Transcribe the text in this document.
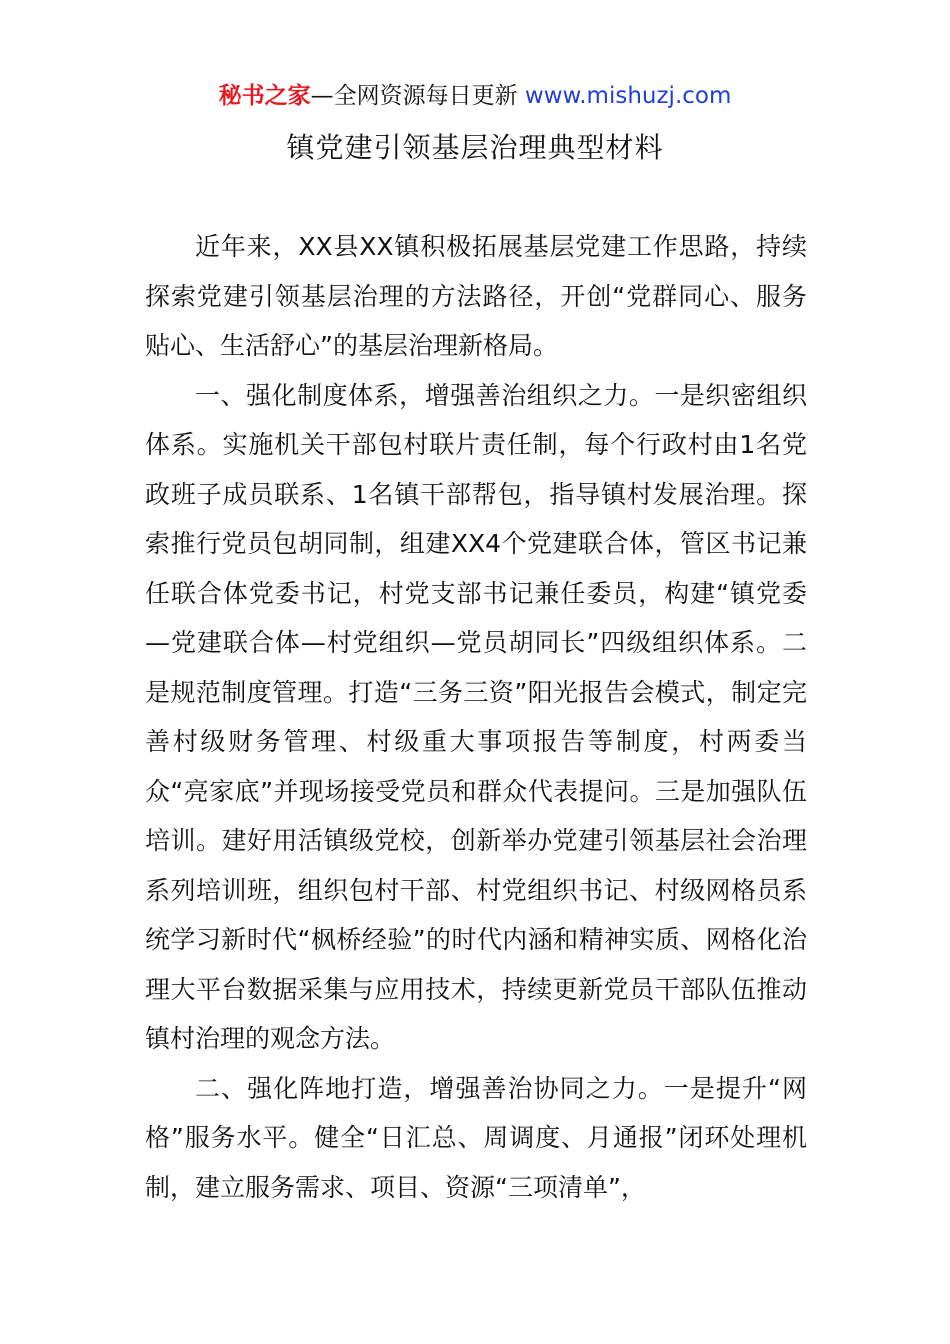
秘书之家—全网资源每日更新 www.mishuzj.com
镇党建引领基层治理典型材料

近年来，XX县XX镇积极拓展基层党建工作思路，持续探索党建引领基层治理的方法路径，开创“党群同心、服务贴心、生活舒心”的基层治理新格局。

一、强化制度体系，增强善治组织之力。一是织密组织体系。实施机关干部包村联片责任制，每个行政村由1名党政班子成员联系、1名镇干部帮包，指导镇村发展治理。探索推行党员包胡同制，组建XX4个党建联合体，管区书记兼任联合体党委书记，村党支部书记兼任委员，构建“镇党委—党建联合体—村党组织—党员胡同长”四级组织体系。二是规范制度管理。打造“三务三资”阳光报告会模式，制定完善村级财务管理、村级重大事项报告等制度，村两委当众“亮家底”并现场接受党员和群众代表提问。三是加强队伍培训。建好用活镇级党校，创新举办党建引领基层社会治理系列培训班，组织包村干部、村党组织书记、村级网格员系统学习新时代“枫桥经验”的时代内涵和精神实质、网格化治理大平台数据采集与应用技术，持续更新党员干部队伍推动镇村治理的观念方法。

二、强化阵地打造，增强善治协同之力。一是提升“网格”服务水平。健全“日汇总、周调度、月通报”闭环处理机制，建立服务需求、项目、资源“三项清单”，
